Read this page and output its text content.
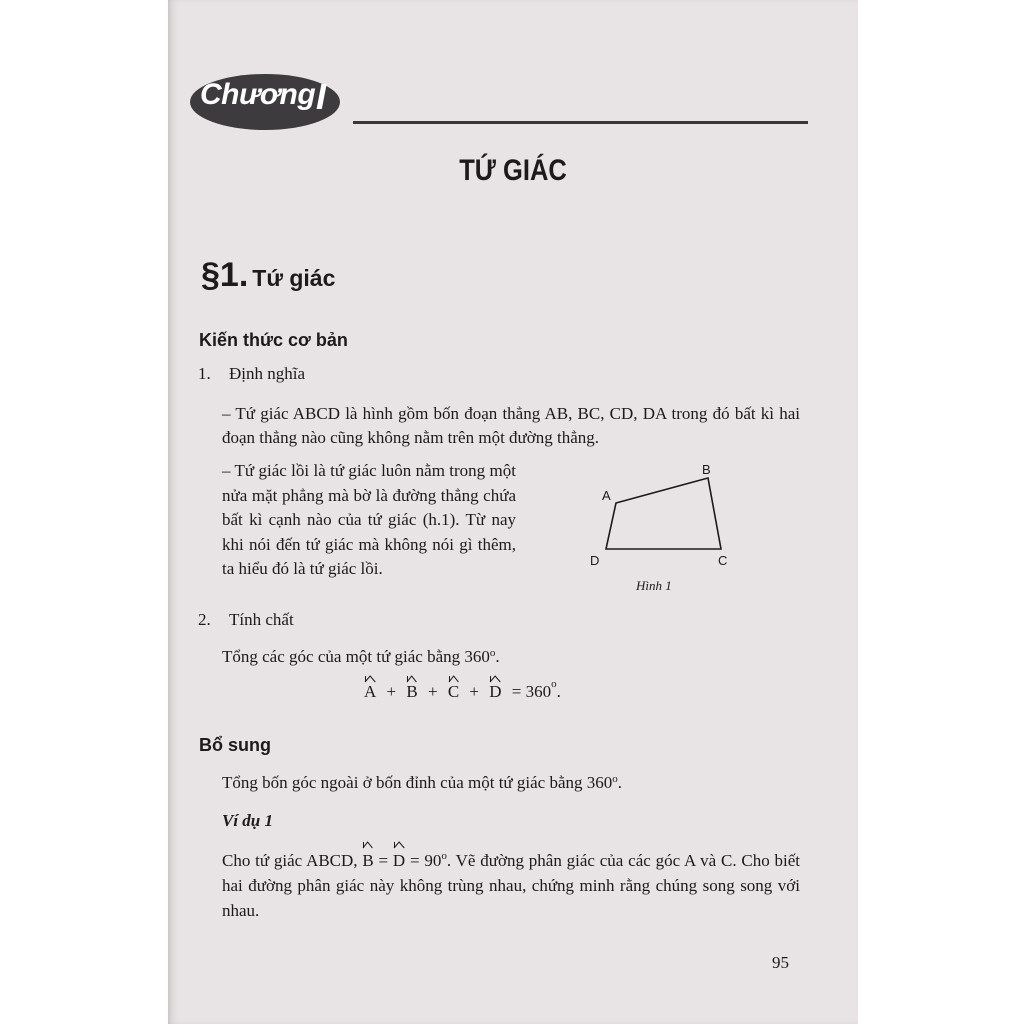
Chương I
TỨ GIÁC
§1. Tứ giác
Kiến thức cơ bản
1. Định nghĩa
– Tứ giác ABCD là hình gồm bốn đoạn thẳng AB, BC, CD, DA trong đó bất kì hai đoạn thẳng nào cũng không nằm trên một đường thẳng.
– Tứ giác lồi là tứ giác luôn nằm trong một nửa mặt phẳng mà bờ là đường thẳng chứa bất kì cạnh nào của tứ giác (h.1). Từ nay khi nói đến tứ giác mà không nói gì thêm, ta hiểu đó là tứ giác lồi.
A
B
C
D
Hình 1
2. Tính chất
Tổng các góc của một tứ giác bằng 360$^o$.
$A + B + C + D = 360^o$.
Bổ sung
Tổng bốn góc ngoài ở bốn đỉnh của một tứ giác bằng 360$^o$.
Ví dụ 1
Cho tứ giác ABCD,
B =
$D = 90^o$. Vẽ đường phân giác của các góc A và C. Cho biết hai đường phân giác này không trùng nhau, chứng minh rằng chúng song song với nhau.
95
